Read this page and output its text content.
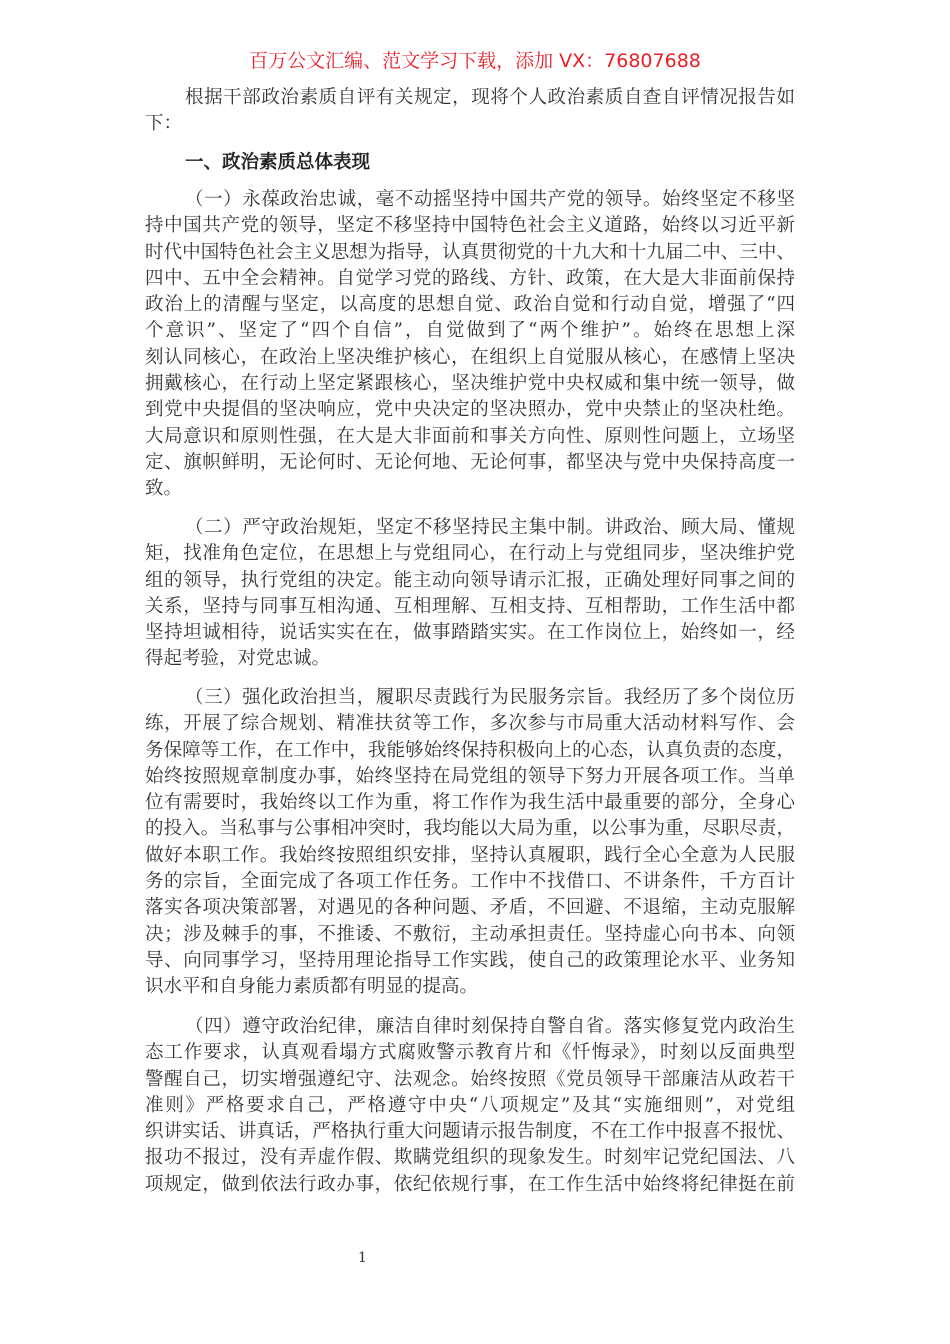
百万公文汇编、范文学习下载，添加 VX：76807688
根据干部政治素质自评有关规定，现将个人政治素质自查自评情况报告如
下：
一、政治素质总体表现
（一）永葆政治忠诚，毫不动摇坚持中国共产党的领导。始终坚定不移坚
持中国共产党的领导，坚定不移坚持中国特色社会主义道路，始终以习近平新
时代中国特色社会主义思想为指导，认真贯彻党的十九大和十九届二中、三中、
四中、五中全会精神。自觉学习党的路线、方针、政策，在大是大非面前保持
政治上的清醒与坚定，以高度的思想自觉、政治自觉和行动自觉，增强了“四
个意识”、坚定了“四个自信”，自觉做到了“两个维护”。始终在思想上深
刻认同核心，在政治上坚决维护核心，在组织上自觉服从核心，在感情上坚决
拥戴核心，在行动上坚定紧跟核心，坚决维护党中央权威和集中统一领导，做
到党中央提倡的坚决响应，党中央决定的坚决照办，党中央禁止的坚决杜绝。
大局意识和原则性强，在大是大非面前和事关方向性、原则性问题上，立场坚
定、旗帜鲜明，无论何时、无论何地、无论何事，都坚决与党中央保持高度一
致。
（二）严守政治规矩，坚定不移坚持民主集中制。讲政治、顾大局、懂规
矩，找准角色定位，在思想上与党组同心，在行动上与党组同步，坚决维护党
组的领导，执行党组的决定。能主动向领导请示汇报，正确处理好同事之间的
关系，坚持与同事互相沟通、互相理解、互相支持、互相帮助，工作生活中都
坚持坦诚相待，说话实实在在，做事踏踏实实。在工作岗位上，始终如一，经
得起考验，对党忠诚。
（三）强化政治担当，履职尽责践行为民服务宗旨。我经历了多个岗位历
练，开展了综合规划、精准扶贫等工作，多次参与市局重大活动材料写作、会
务保障等工作，在工作中，我能够始终保持积极向上的心态，认真负责的态度，
始终按照规章制度办事，始终坚持在局党组的领导下努力开展各项工作。当单
位有需要时，我始终以工作为重，将工作作为我生活中最重要的部分，全身心
的投入。当私事与公事相冲突时，我均能以大局为重，以公事为重，尽职尽责，
做好本职工作。我始终按照组织安排，坚持认真履职，践行全心全意为人民服
务的宗旨，全面完成了各项工作任务。工作中不找借口、不讲条件，千方百计
落实各项决策部署，对遇见的各种问题、矛盾，不回避、不退缩，主动克服解
决；涉及棘手的事，不推诿、不敷衍，主动承担责任。坚持虚心向书本、向领
导、向同事学习，坚持用理论指导工作实践，使自己的政策理论水平、业务知
识水平和自身能力素质都有明显的提高。
（四）遵守政治纪律，廉洁自律时刻保持自警自省。落实修复党内政治生
态工作要求，认真观看塌方式腐败警示教育片和《忏悔录》，时刻以反面典型
警醒自己，切实增强遵纪守、法观念。始终按照《党员领导干部廉洁从政若干
准则》严格要求自己，严格遵守中央“八项规定”及其“实施细则”，对党组
织讲实话、讲真话，严格执行重大问题请示报告制度，不在工作中报喜不报忧、
报功不报过，没有弄虚作假、欺瞒党组织的现象发生。时刻牢记党纪国法、八
项规定，做到依法行政办事，依纪依规行事，在工作生活中始终将纪律挺在前
1
